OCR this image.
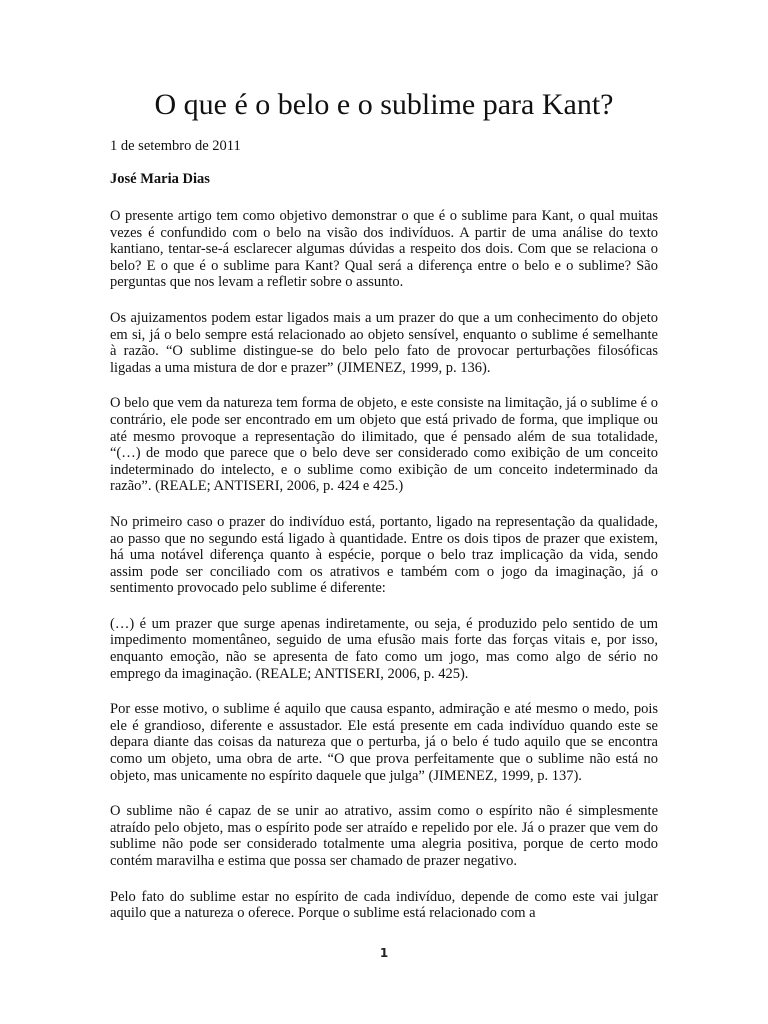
O que é o belo e o sublime para Kant?

1 de setembro de 2011

José Maria Dias

O presente artigo tem como objetivo demonstrar o que é o sublime para Kant, o qual muitas vezes é confundido com o belo na visão dos indivíduos. A partir de uma análise do texto kantiano, tentar-se-á esclarecer algumas dúvidas a respeito dos dois. Com que se relaciona o belo? E o que é o sublime para Kant? Qual será a diferença entre o belo e o sublime? São perguntas que nos levam a refletir sobre o assunto.

Os ajuizamentos podem estar ligados mais a um prazer do que a um conhecimento do objeto em si, já o belo sempre está relacionado ao objeto sensível, enquanto o sublime é semelhante à razão. “O sublime distingue-se do belo pelo fato de provocar perturbações filosóficas ligadas a uma mistura de dor e prazer” (JIMENEZ, 1999, p. 136).

O belo que vem da natureza tem forma de objeto, e este consiste na limitação, já o sublime é o contrário, ele pode ser encontrado em um objeto que está privado de forma, que implique ou até mesmo provoque a representação do ilimitado, que é pensado além de sua totalidade, “(…) de modo que parece que o belo deve ser considerado como exibição de um conceito indeterminado do intelecto, e o sublime como exibição de um conceito indeterminado da razão”. (REALE; ANTISERI, 2006, p. 424 e 425.)

No primeiro caso o prazer do indivíduo está, portanto, ligado na representação da qualidade, ao passo que no segundo está ligado à quantidade. Entre os dois tipos de prazer que existem, há uma notável diferença quanto à espécie, porque o belo traz implicação da vida, sendo assim pode ser conciliado com os atrativos e também com o jogo da imaginação, já o sentimento provocado pelo sublime é diferente:

(…) é um prazer que surge apenas indiretamente, ou seja, é produzido pelo sentido de um impedimento momentâneo, seguido de uma efusão mais forte das forças vitais e, por isso, enquanto emoção, não se apresenta de fato como um jogo, mas como algo de sério no emprego da imaginação. (REALE; ANTISERI, 2006, p. 425).

Por esse motivo, o sublime é aquilo que causa espanto, admiração e até mesmo o medo, pois ele é grandioso, diferente e assustador. Ele está presente em cada indivíduo quando este se depara diante das coisas da natureza que o perturba, já o belo é tudo aquilo que se encontra como um objeto, uma obra de arte. “O que prova perfeitamente que o sublime não está no objeto, mas unicamente no espírito daquele que julga” (JIMENEZ, 1999, p. 137).

O sublime não é capaz de se unir ao atrativo, assim como o espírito não é simplesmente atraído pelo objeto, mas o espírito pode ser atraído e repelido por ele. Já o prazer que vem do sublime não pode ser considerado totalmente uma alegria positiva, porque de certo modo contém maravilha e estima que possa ser chamado de prazer negativo.

Pelo fato do sublime estar no espírito de cada indivíduo, depende de como este vai julgar aquilo que a natureza o oferece. Porque o sublime está relacionado com a

1
